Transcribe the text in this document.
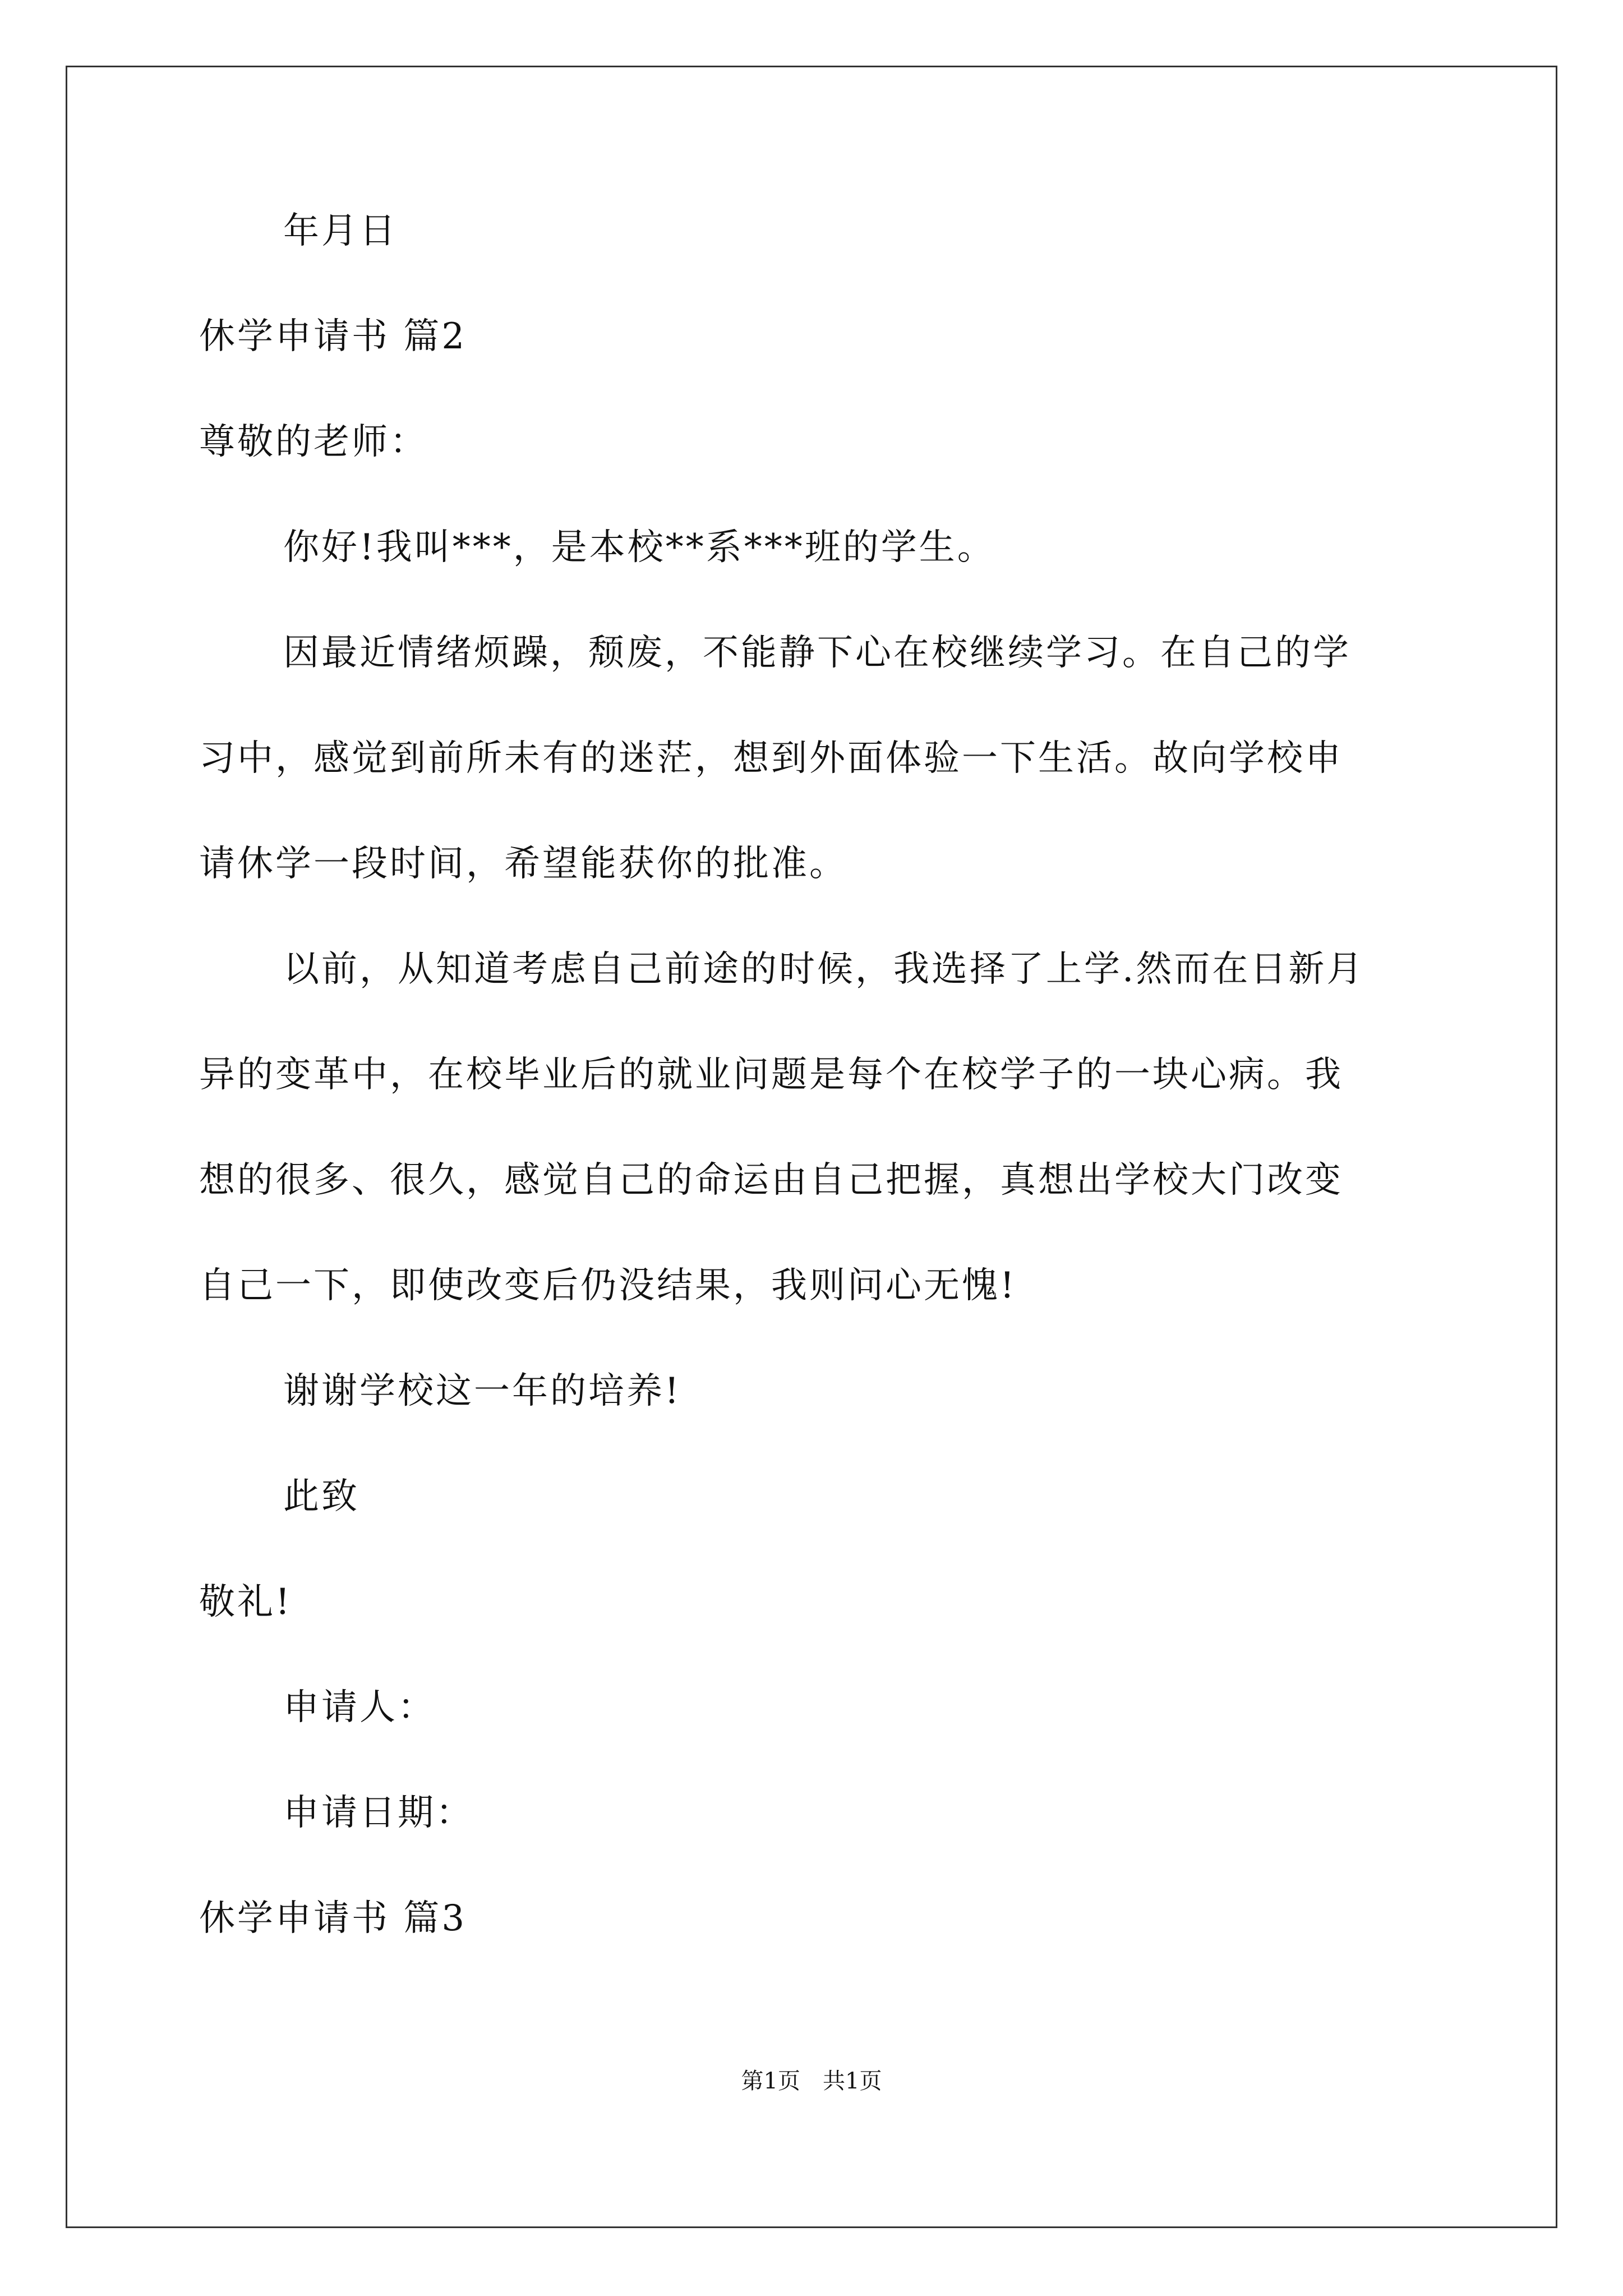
年月日
休学申请书 篇2
尊敬的老师：
你好!我叫***，是本校**系***班的学生。
因最近情绪烦躁，颓废，不能静下心在校继续学习。在自己的学
习中，感觉到前所未有的迷茫，想到外面体验一下生活。故向学校申
请休学一段时间，希望能获你的批准。
以前，从知道考虑自己前途的时候，我选择了上学.然而在日新月
异的变革中，在校毕业后的就业问题是每个在校学子的一块心病。我
想的很多、很久，感觉自己的命运由自己把握，真想出学校大门改变
自己一下，即使改变后仍没结果，我则问心无愧!
谢谢学校这一年的培养!
此致
敬礼!
申请人：
申请日期：
休学申请书 篇3
第1页 共1页
